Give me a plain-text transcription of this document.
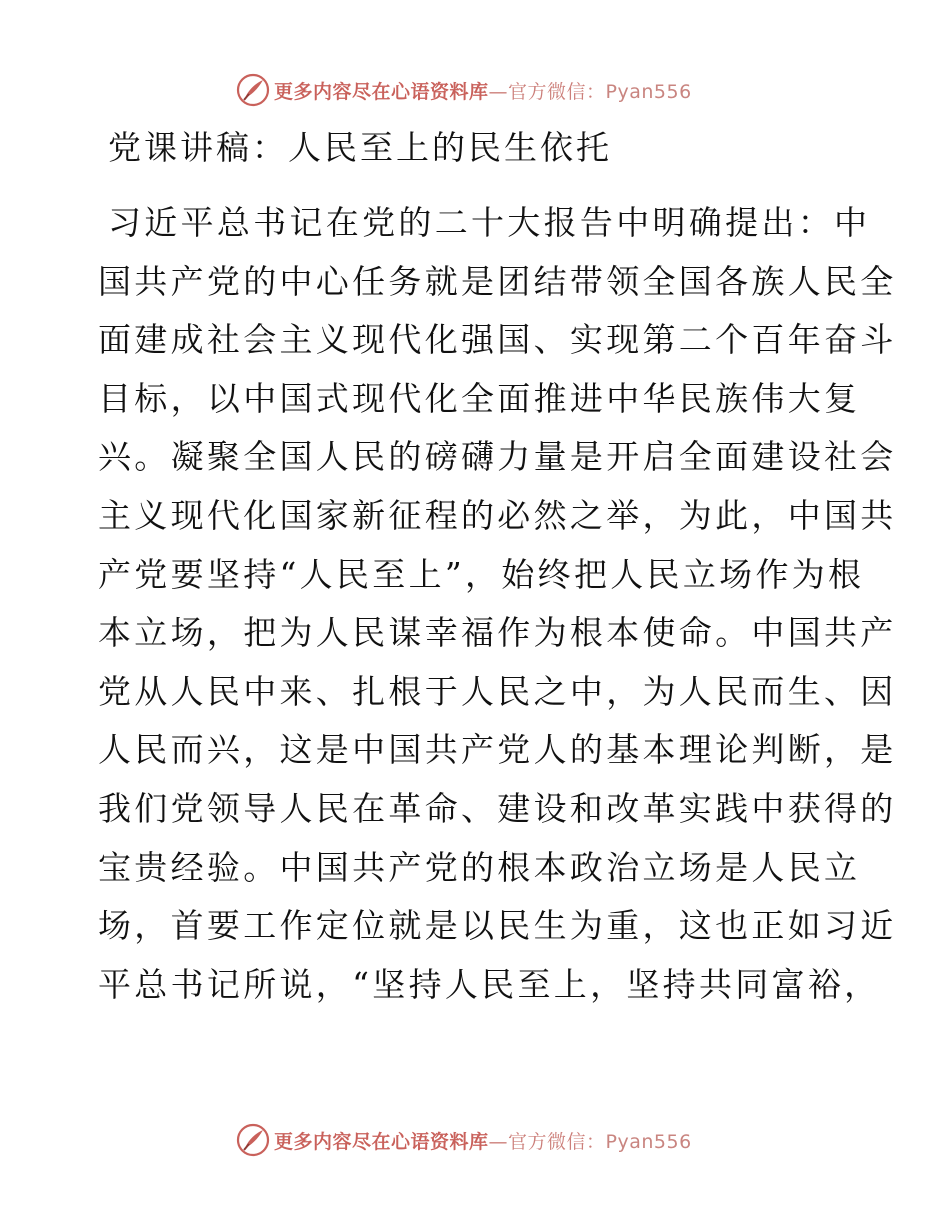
更多内容尽在心语资料库—官方微信：Pyan556
党课讲稿：人民至上的民生依托
习近平总书记在党的二十大报告中明确提出：中
国共产党的中心任务就是团结带领全国各族人民全
面建成社会主义现代化强国、实现第二个百年奋斗
目标，以中国式现代化全面推进中华民族伟大复
兴。凝聚全国人民的磅礴力量是开启全面建设社会
主义现代化国家新征程的必然之举，为此，中国共
产党要坚持“人民至上”，始终把人民立场作为根
本立场，把为人民谋幸福作为根本使命。中国共产
党从人民中来、扎根于人民之中，为人民而生、因
人民而兴，这是中国共产党人的基本理论判断，是
我们党领导人民在革命、建设和改革实践中获得的
宝贵经验。中国共产党的根本政治立场是人民立
场，首要工作定位就是以民生为重，这也正如习近
平总书记所说，“坚持人民至上，坚持共同富裕，
更多内容尽在心语资料库—官方微信：Pyan556
